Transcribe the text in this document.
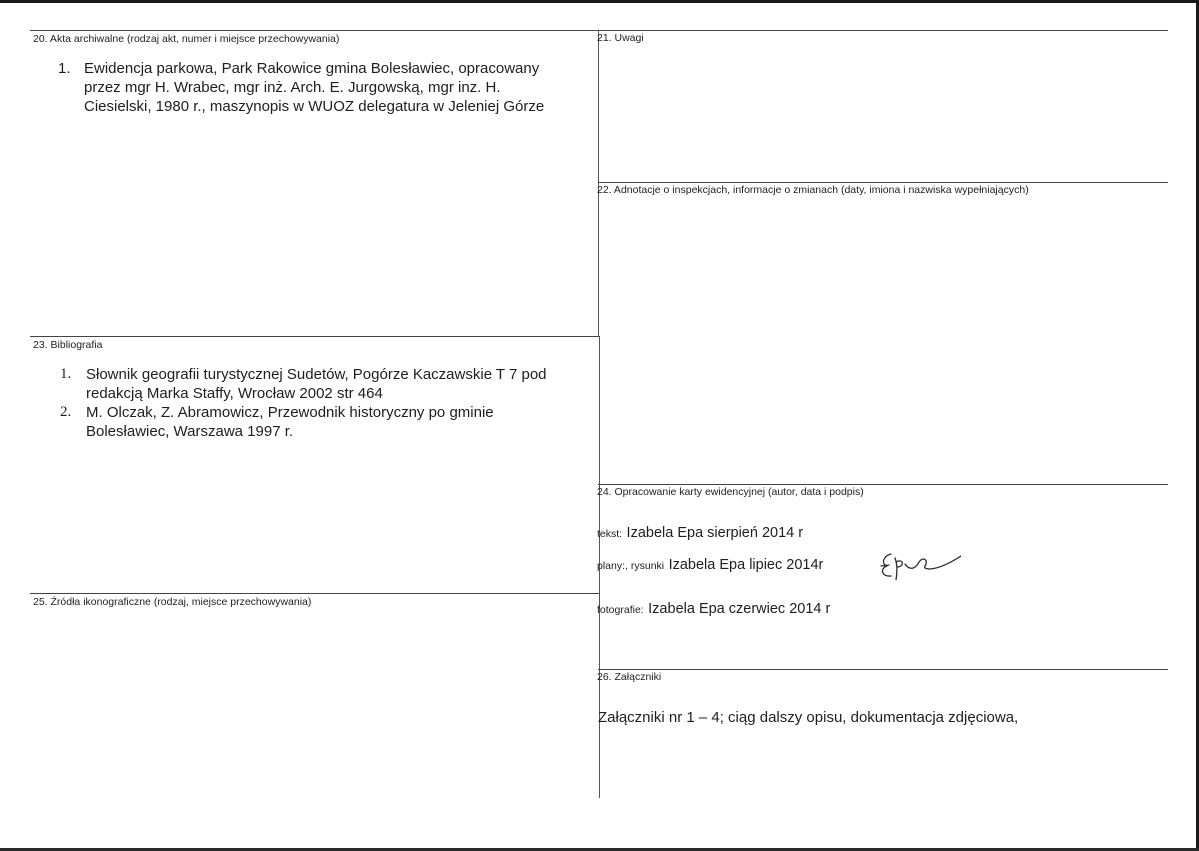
20. Akta archiwalne (rodzaj akt, numer i miejsce przechowywania)
1. Ewidencja parkowa, Park Rakowice gmina Bolesławiec, opracowany
przez mgr H. Wrabec, mgr inż. Arch. E. Jurgowską, mgr inz. H.
Ciesielski, 1980 r., maszynopis w WUOZ delegatura w Jeleniej Górze
21. Uwagi
22. Adnotacje o inspekcjach, informacje o zmianach (daty, imiona i nazwiska wypełniających)
23. Bibliografia
1. Słownik geografii turystycznej Sudetów, Pogórze Kaczawskie T 7 pod
redakcją Marka Staffy, Wrocław 2002 str 464
2. M. Olczak, Z. Abramowicz, Przewodnik historyczny po gminie
Bolesławiec, Warszawa 1997 r.
24. Opracowanie karty ewidencyjnej (autor, data i podpis)
tekst: Izabela Epa sierpień 2014 r
plany:, rysunki Izabela Epa lipiec 2014r
fotografie: Izabela Epa czerwiec 2014 r
25. Źródła ikonograficzne (rodzaj, miejsce przechowywania)
26. Załączniki
Załączniki nr 1 – 4; ciąg dalszy opisu, dokumentacja zdjęciowa,
